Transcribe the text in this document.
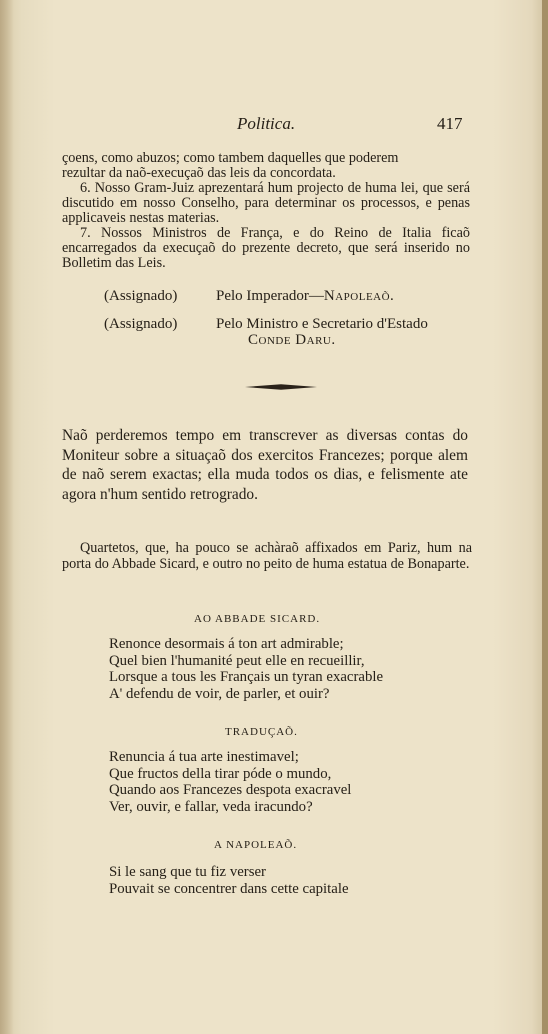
Politica.	417

çoens, como abuzos; como tambem daquelles que poderem

rezultar da naõ-execuçaõ das leis da concordata.

6. Nosso Gram-Juiz aprezentará hum projecto de huma lei, que será discutido em nosso Conselho, para determinar os processos, e penas applicaveis nestas materias.

7. Nossos Ministros de França, e do Reino de Italia ficaõ encarregados da execuçaõ do prezente decreto, que será inserido no Bolletim das Leis.

(Assignado)	Pelo Imperador—Napoleaõ.
(Assignado)	Pelo Ministro e Secretario d'Estado
Conde Daru.

Naõ perderemos tempo em transcrever as diversas contas do Moniteur sobre a situaçaõ dos exercitos Francezes; porque alem de naõ serem exactas; ella muda todos os dias, e felismente ate agora n'hum sentido retrogrado.

Quartetos, que, ha pouco se achàraõ affixados em Pariz, hum na porta do Abbade Sicard, e outro no peito de huma estatua de Bonaparte.

AO ABBADE SICARD.
Renonce desormais á ton art admirable;
Quel bien l'humanité peut elle en recueillir,
Lorsque a tous les Français un tyran exacrable
A' defendu de voir, de parler, et ouir?
TRADUÇAÕ.
Renuncia á tua arte inestimavel;
Que fructos della tirar póde o mundo,
Quando aos Francezes despota exacravel
Ver, ouvir, e fallar, veda iracundo?
A NAPOLEAÕ.
Si le sang que tu fiz verser
Pouvait se concentrer dans cette capitale
